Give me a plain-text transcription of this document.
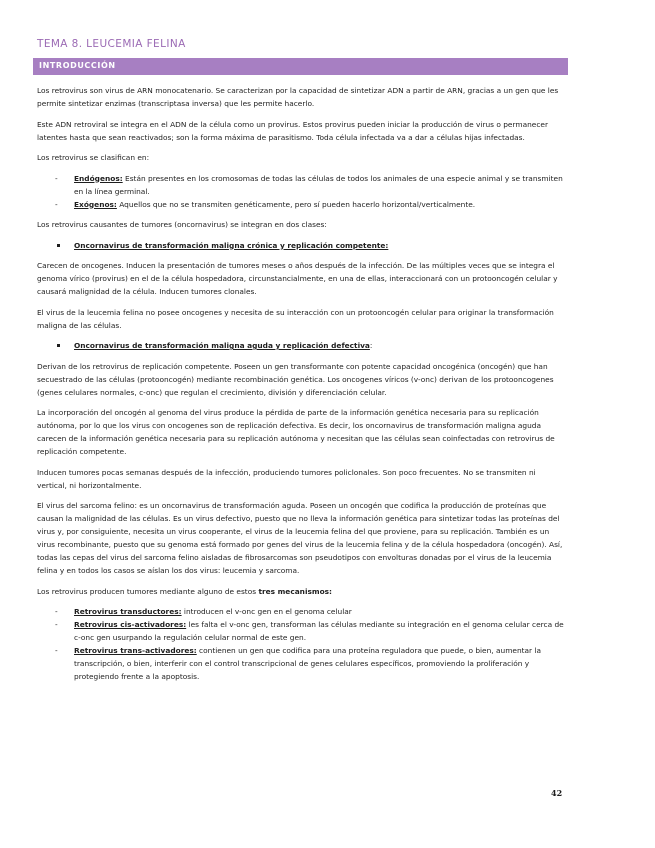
TEMA 8. LEUCEMIA FELINA
INTRODUCCIÓN

Los retrovirus son virus de ARN monocatenario. Se caracterizan por la capacidad de sintetizar ADN a partir de ARN, gracias a un gen que les permite sintetizar enzimas (transcriptasa inversa) que les permite hacerlo.

Este ADN retroviral se integra en el ADN de la célula como un provirus. Estos provirus pueden iniciar la producción de virus o permanecer latentes hasta que sean reactivados; son la forma máxima de parasitismo. Toda célula infectada va a dar a células hijas infectadas.

Los retrovirus se clasifican en:

- Endógenos: Están presentes en los cromosomas de todas las células de todos los animales de una especie animal y se transmiten en la línea germinal.
- Exógenos: Aquellos que no se transmiten genéticamente, pero sí pueden hacerlo horizontal/verticalmente.

Los retrovirus causantes de tumores (oncornavirus) se integran en dos clases:

Oncornavirus de transformación maligna crónica y replicación competente:

Carecen de oncogenes. Inducen la presentación de tumores meses o años después de la infección. De las múltiples veces que se integra el genoma vírico (provirus) en el de la célula hospedadora, circunstancialmente, en una de ellas, interaccionará con un protooncogén celular y causará malignidad de la célula. Inducen tumores clonales.

El virus de la leucemia felina no posee oncogenes y necesita de su interacción con un protooncogén celular para originar la transformación maligna de las células.

Oncornavirus de transformación maligna aguda y replicación defectiva:

Derivan de los retrovirus de replicación competente. Poseen un gen transformante con potente capacidad oncogénica (oncogén) que han secuestrado de las células (protooncogén) mediante recombinación genética. Los oncogenes víricos (v-onc) derivan de los protooncogenes (genes celulares normales, c-onc) que regulan el crecimiento, división y diferenciación celular.

La incorporación del oncogén al genoma del virus produce la pérdida de parte de la información genética necesaria para su replicación autónoma, por lo que los virus con oncogenes son de replicación defectiva. Es decir, los oncornavirus de transformación maligna aguda carecen de la información genética necesaria para su replicación autónoma y necesitan que las células sean coinfectadas con retrovirus de replicación competente.

Inducen tumores pocas semanas después de la infección, produciendo tumores policlonales. Son poco frecuentes. No se transmiten ni vertical, ni horizontalmente.

El virus del sarcoma felino: es un oncornavirus de transformación aguda. Poseen un oncogén que codifica la producción de proteínas que causan la malignidad de las células. Es un virus defectivo, puesto que no lleva la información genética para sintetizar todas las proteínas del virus y, por consiguiente, necesita un virus cooperante, el virus de la leucemia felina del que proviene, para su replicación. También es un virus recombinante, puesto que su genoma está formado por genes del virus de la leucemia felina y de la célula hospedadora (oncogén). Así, todas las cepas del virus del sarcoma felino aisladas de fibrosarcomas son pseudotipos con envolturas donadas por el virus de la leucemia felina y en todos los casos se aíslan los dos virus: leucemia y sarcoma.

Los retrovirus producen tumores mediante alguno de estos tres mecanismos:

- Retrovirus transductores: introducen el v-onc gen en el genoma celular
- Retrovirus cis-activadores: les falta el v-onc gen, transforman las células mediante su integración en el genoma celular cerca de c-onc gen usurpando la regulación celular normal de este gen.
- Retrovirus trans-activadores: contienen un gen que codifica para una proteína reguladora que puede, o bien, aumentar la transcripción, o bien, interferir con el control transcripcional de genes celulares específicos, promoviendo la proliferación y protegiendo frente a la apoptosis.
42
